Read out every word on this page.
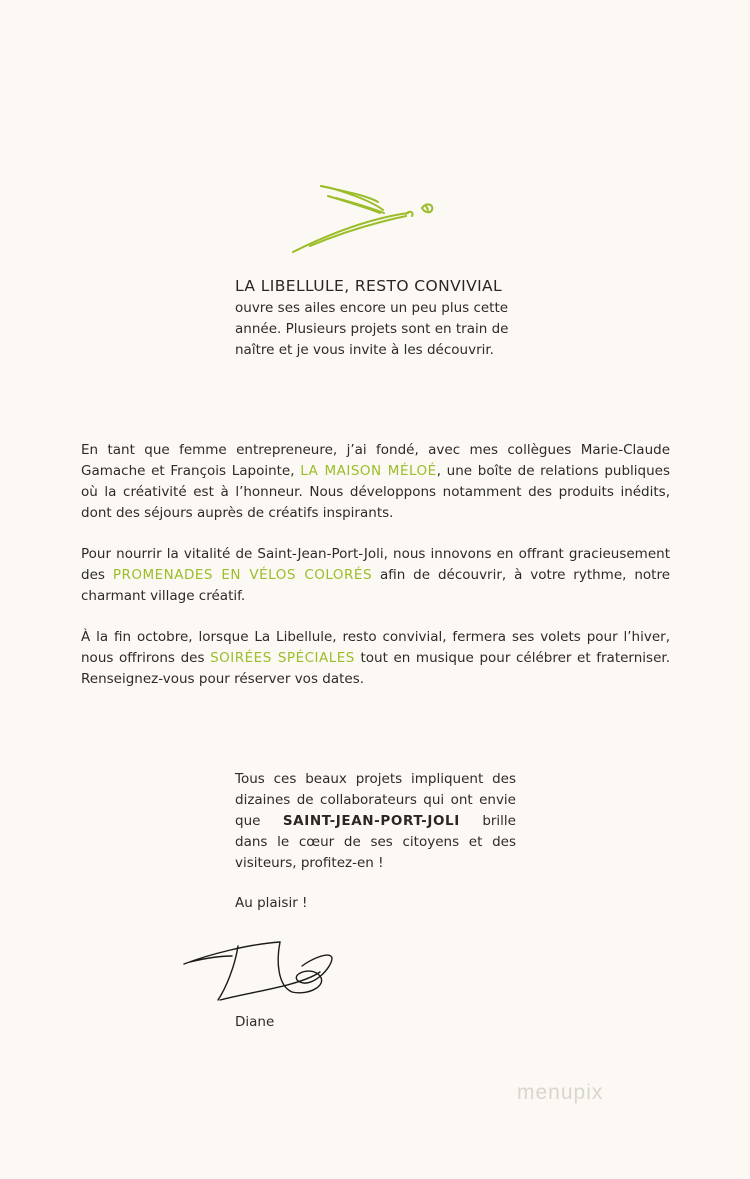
LA LIBELLULE, RESTO CONVIVIAL

ouvre ses ailes encore un peu plus cette année. Plusieurs projets sont en train de naître et je vous invite à les découvrir.

En tant que femme entrepreneure, j’ai fondé, avec mes collègues Marie-Claude Gamache et François Lapointe, LA MAISON MÉLOÉ, une boîte de relations publiques où la créativité est à l’honneur. Nous développons notamment des produits inédits, dont des séjours auprès de créatifs inspirants.

Pour nourrir la vitalité de Saint-Jean-Port-Joli, nous innovons en offrant gracieusement des PROMENADES EN VÉLOS COLORÉS afin de découvrir, à votre rythme, notre charmant village créatif.

À la fin octobre, lorsque La Libellule, resto convivial, fermera ses volets pour l’hiver, nous offrirons des SOIRÉES SPÉCIALES tout en musique pour célébrer et fraterniser. Renseignez-vous pour réserver vos dates.

Tous ces beaux projets impliquent des dizaines de collaborateurs qui ont envie que SAINT-JEAN-PORT-JOLI brille dans le cœur de ses citoyens et des visiteurs, profitez-en !

Au plaisir !

Diane

menupix
